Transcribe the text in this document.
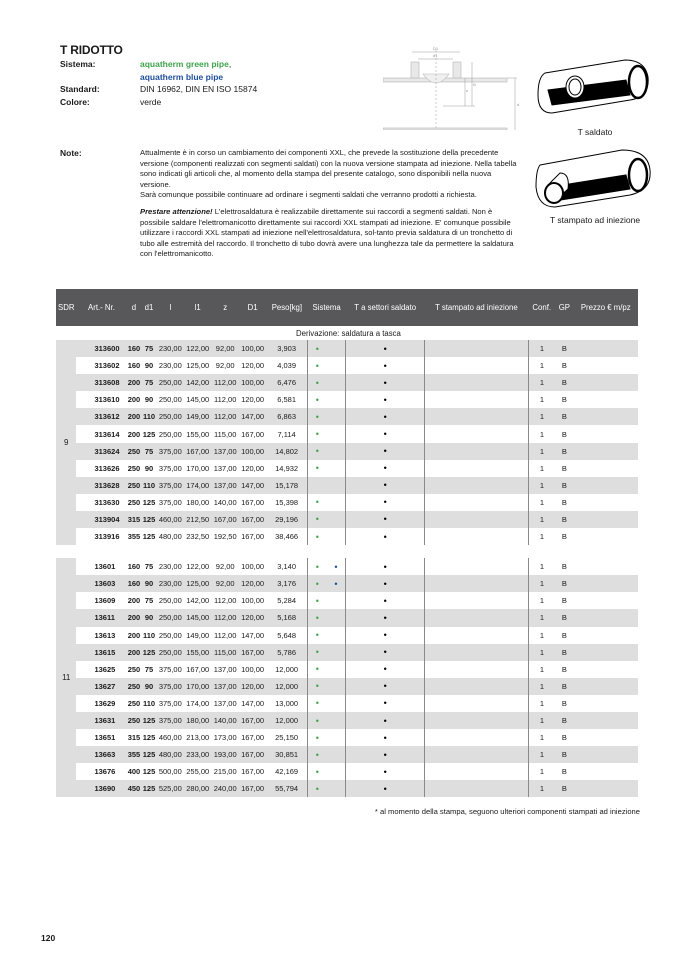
T RIDOTTO
Sistema:	aquatherm green pipe,
aquatherm blue pipe
Standard:	DIN 16962, DIN EN ISO 15874
Colore:	verde
D1
d1
l1
z
d
T saldato
T stampato ad iniezione
Note:	Attualmente è in corso un cambiamento dei componenti XXL, che prevede la sostituzione della precedente versione (componenti realizzati con segmenti saldati) con la nuova versione stampata ad iniezione. Nella tabella sono indicati gli articoli che, al momento della stampa del presente catalogo, sono disponibili nella nuova versione.
Sarà comunque possibile continuare ad ordinare i segmenti saldati che verranno prodotti a richiesta.

Prestare attenzione! L'elettrosaldatura è realizzabile direttamente sui raccordi a segmenti saldati. Non è possibile saldare l'elettromanicotto direttamente sui raccordi XXL stampati ad iniezione. E' comunque possibile utilizzare i raccordi XXL stampati ad iniezione nell'elettrosaldatura, sol-tanto previa saldatura di un tronchetto di tubo alle estremità del raccordo. Il tronchetto di tubo dovrà avere una lunghezza tale da permettere la saldatura con l'elettromanicotto.

SDR	Art.- Nr.	d	d1	l	l1	z	D1	Peso[kg]	Sistema		T a settori saldato	T stampato ad iniezione	Conf.	GP	Prezzo € m/pz
Derivazione: saldatura a tasca															
9	313600	160	75	230,00	122,00	92,00	100,00	3,903	•		•		1	B	
	313602	160	90	230,00	125,00	92,00	120,00	4,039	•		•		1	B	
	313608	200	75	250,00	142,00	112,00	100,00	6,476	•		•		1	B	
	313610	200	90	250,00	145,00	112,00	120,00	6,581	•		•		1	B	
	313612	200	110	250,00	149,00	112,00	147,00	6,863	•		•		1	B	
	313614	200	125	250,00	155,00	115,00	167,00	7,114	•		•		1	B	
	313624	250	75	375,00	167,00	137,00	100,00	14,802	•		•		1	B	
	313626	250	90	375,00	170,00	137,00	120,00	14,932	•		•		1	B	
	313628	250	110	375,00	174,00	137,00	147,00	15,178			•		1	B	
	313630	250	125	375,00	180,00	140,00	167,00	15,398	•		•		1	B	
	313904	315	125	460,00	212,50	167,00	167,00	29,196	•		•		1	B	
	313916	355	125	480,00	232,50	192,50	167,00	38,466	•		•		1	B	

11	13601	160	75	230,00	122,00	92,00	100,00	3,140	•	•	•		1	B	
	13603	160	90	230,00	125,00	92,00	120,00	3,176	•	•	•		1	B	
	13609	200	75	250,00	142,00	112,00	100,00	5,284	•		•		1	B	
	13611	200	90	250,00	145,00	112,00	120,00	5,168	•		•		1	B	
	13613	200	110	250,00	149,00	112,00	147,00	5,648	•		•		1	B	
	13615	200	125	250,00	155,00	115,00	167,00	5,786	•		•		1	B	
	13625	250	75	375,00	167,00	137,00	100,00	12,000	•		•		1	B	
	13627	250	90	375,00	170,00	137,00	120,00	12,000	•		•		1	B	
	13629	250	110	375,00	174,00	137,00	147,00	13,000	•		•		1	B	
	13631	250	125	375,00	180,00	140,00	167,00	12,000	•		•		1	B	
	13651	315	125	460,00	213,00	173,00	167,00	25,150	•		•		1	B	
	13663	355	125	480,00	233,00	193,00	167,00	30,851	•		•		1	B	
	13676	400	125	500,00	255,00	215,00	167,00	42,169	•		•		1	B	
	13690	450	125	525,00	280,00	240,00	167,00	55,794	•		•		1	B	
* al momento della stampa, seguono ulteriori componenti stampati ad iniezione
120
